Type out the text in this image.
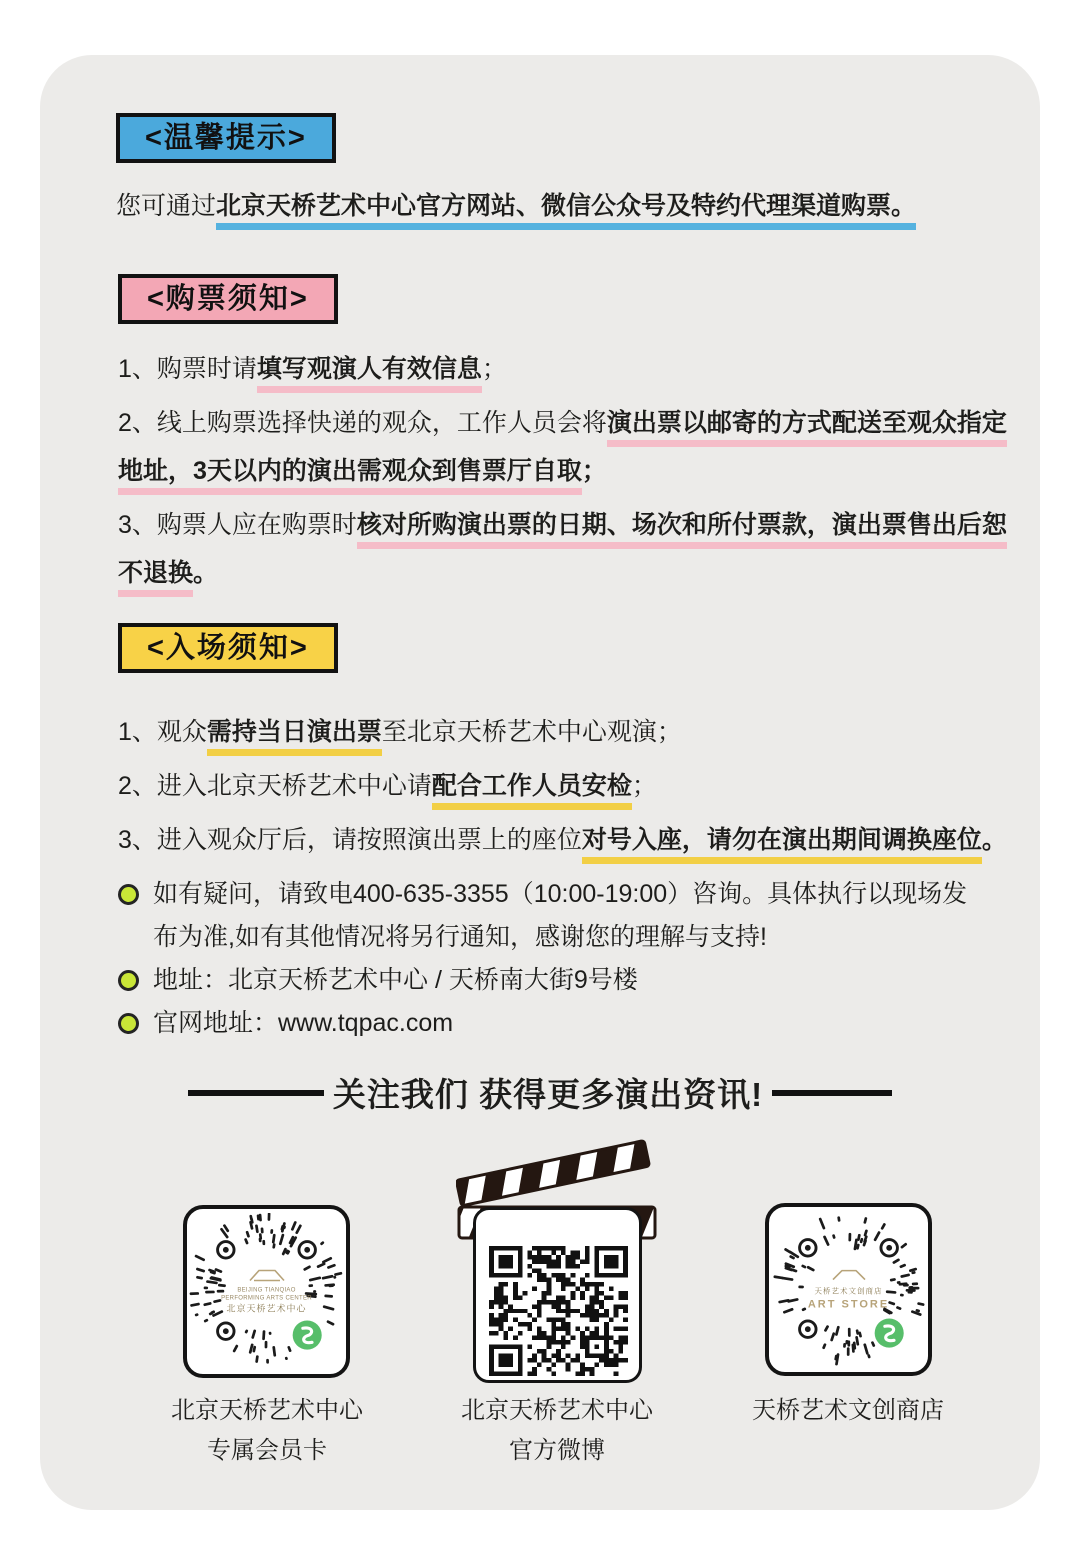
<温馨提示>
您可通过北京天桥艺术中心官方网站、微信公众号及特约代理渠道购票。
<购票须知>
1、购票时请填写观演人有效信息；
2、线上购票选择快递的观众，工作人员会将演出票以邮寄的方式配送至观众指定
地址，3天以内的演出需观众到售票厅自取；
3、购票人应在购票时核对所购演出票的日期、场次和所付票款，演出票售出后恕
不退换。
<入场须知>
1、观众需持当日演出票至北京天桥艺术中心观演；
2、进入北京天桥艺术中心请配合工作人员安检；
3、进入观众厅后，请按照演出票上的座位对号入座，请勿在演出期间调换座位。
如有疑问，请致电400-635-3355（10:00-19:00）咨询。具体执行以现场发
布为准,如有其他情况将另行通知，感谢您的理解与支持!
地址：北京天桥艺术中心 / 天桥南大街9号楼
官网地址：www.tqpac.com
关注我们 获得更多演出资讯!
BEIJING TIANQIAO PERFORMING ARTS CENTER
北京天桥艺术中心
天桥艺术文创商店
ART STORE
北京天桥艺术中心
专属会员卡
北京天桥艺术中心
官方微博
天桥艺术文创商店
